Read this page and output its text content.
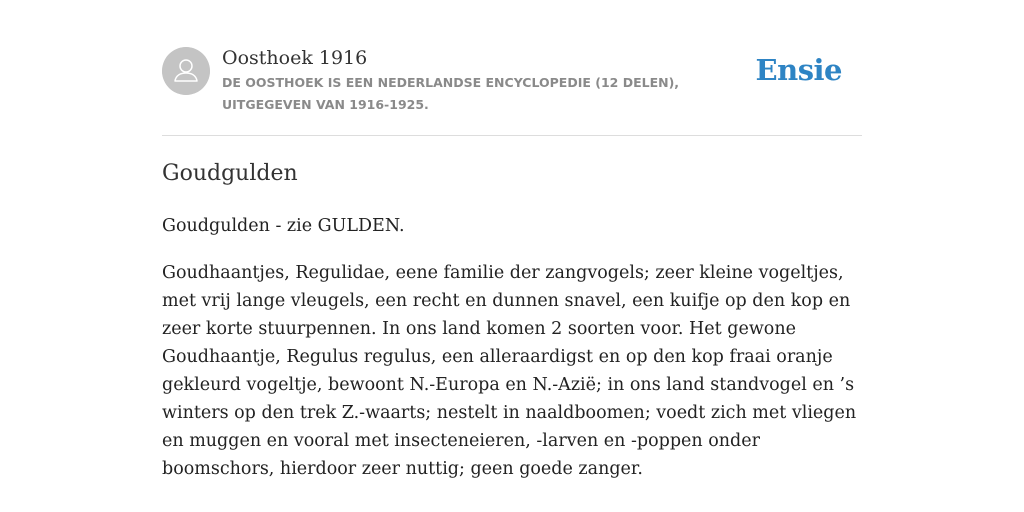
Oosthoek 1916
DE OOSTHOEK IS EEN NEDERLANDSE ENCYCLOPEDIE (12 DELEN), UITGEGEVEN VAN 1916-1925.
Ensie
Goudgulden

Goudgulden - zie GULDEN.

Goudhaantjes, Regulidae, eene familie der zangvogels; zeer kleine vogeltjes, met vrij lange vleugels, een recht en dunnen snavel, een kuifje op den kop en zeer korte stuurpennen. In ons land komen 2 soorten voor. Het gewone Goudhaantje, Regulus regulus, een alleraardigst en op den kop fraai oranje gekleurd vogeltje, bewoont N.-Europa en N.-Azië; in ons land standvogel en ’s winters op den trek Z.-waarts; nestelt in naaldboomen; voedt zich met vliegen en muggen en vooral met insecteneieren, -larven en -poppen onder boomschors, hierdoor zeer nuttig; geen goede zanger.
